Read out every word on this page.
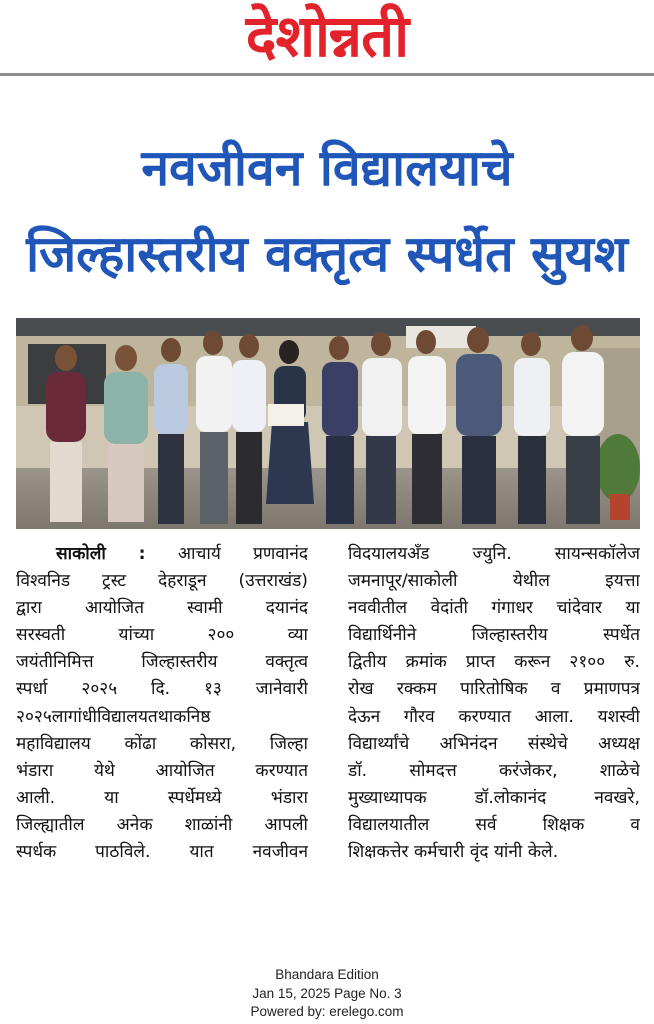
देशोन्नती
नवजीवन विद्यालयाचे
जिल्हास्तरीय वक्तृत्व स्पर्धेत सुयश
साकोली : आचार्य प्रणवानंद
विश्वनिड ट्रस्ट देहराडून (उत्तराखंड)
द्वारा आयोजित स्वामी दयानंद
सरस्वती यांच्या २०० व्या
जयंतीनिमित्त जिल्हास्तरीय वक्तृत्व
स्पर्धा २०२५ दि. १३ जानेवारी
२०२५लागांधीविद्यालयतथाकनिष्ठ
महाविद्यालय कोंढा कोसरा, जिल्हा
भंडारा येथे आयोजित करण्यात
आली. या स्पर्धेमध्ये भंडारा
जिल्ह्यातील अनेक शाळांनी आपली
स्पर्धक पाठविले. यात नवजीवन
विदयालयअँड ज्युनि. सायन्सकॉलेज
जमनापूर/साकोली येथील इयत्ता
नववीतील वेदांती गंगाधर चांदेवार या
विद्यार्थिनीने जिल्हास्तरीय स्पर्धेत
द्वितीय क्रमांक प्राप्त करून २१०० रु.
रोख रक्कम पारितोषिक व प्रमाणपत्र
देऊन गौरव करण्यात आला. यशस्वी
विद्यार्थ्यांचे अभिनंदन संस्थेचे अध्यक्ष
डॉ. सोमदत्त करंजेकर, शाळेचे
मुख्याध्यापक डॉ.लोकानंद नवखरे,
विद्यालयातील सर्व शिक्षक व
शिक्षकत्तेर कर्मचारी वृंद यांनी केले.
Bhandara Edition
Jan 15, 2025 Page No. 3
Powered by: erelego.com
